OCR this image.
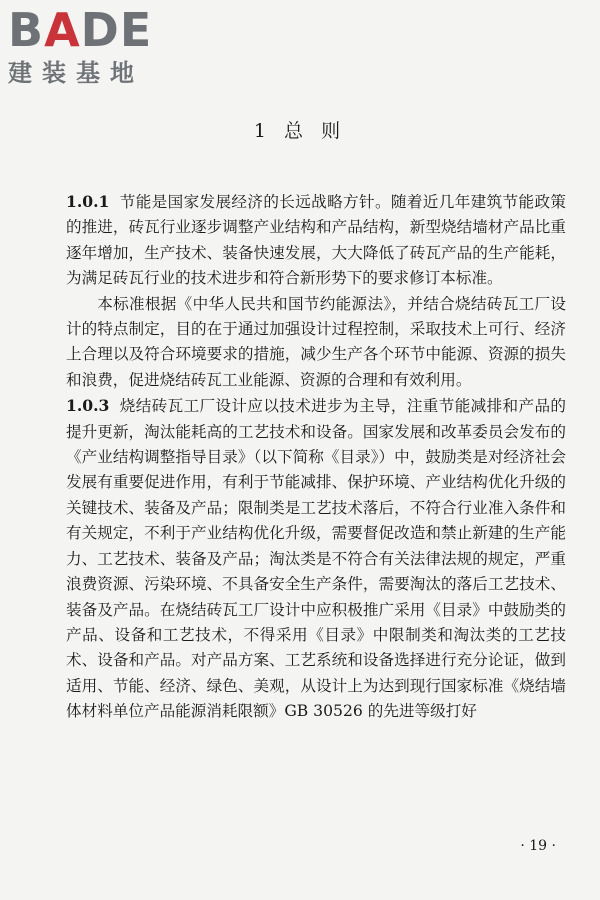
BADE
建装基地
1 总 则

1.0.1 节能是国家发展经济的长远战略方针。随着近几年建筑节能政策的推进，砖瓦行业逐步调整产业结构和产品结构，新型烧结墙材产品比重逐年增加，生产技术、装备快速发展，大大降低了砖瓦产品的生产能耗，为满足砖瓦行业的技术进步和符合新形势下的要求修订本标准。

本标准根据《中华人民共和国节约能源法》，并结合烧结砖瓦工厂设计的特点制定，目的在于通过加强设计过程控制，采取技术上可行、经济上合理以及符合环境要求的措施，减少生产各个环节中能源、资源的损失和浪费，促进烧结砖瓦工业能源、资源的合理和有效利用。

1.0.3 烧结砖瓦工厂设计应以技术进步为主导，注重节能减排和产品的提升更新，淘汰能耗高的工艺技术和设备。国家发展和改革委员会发布的《产业结构调整指导目录》（以下简称《目录》）中，鼓励类是对经济社会发展有重要促进作用，有利于节能减排、保护环境、产业结构优化升级的关键技术、装备及产品；限制类是工艺技术落后，不符合行业准入条件和有关规定，不利于产业结构优化升级，需要督促改造和禁止新建的生产能力、工艺技术、装备及产品；淘汰类是不符合有关法律法规的规定，严重浪费资源、污染环境、不具备安全生产条件，需要淘汰的落后工艺技术、装备及产品。在烧结砖瓦工厂设计中应积极推广采用《目录》中鼓励类的产品、设备和工艺技术，不得采用《目录》中限制类和淘汰类的工艺技术、设备和产品。对产品方案、工艺系统和设备选择进行充分论证，做到适用、节能、经济、绿色、美观，从设计上为达到现行国家标准《烧结墙体材料单位产品能源消耗限额》GB 30526 的先进等级打好

· 19 ·
